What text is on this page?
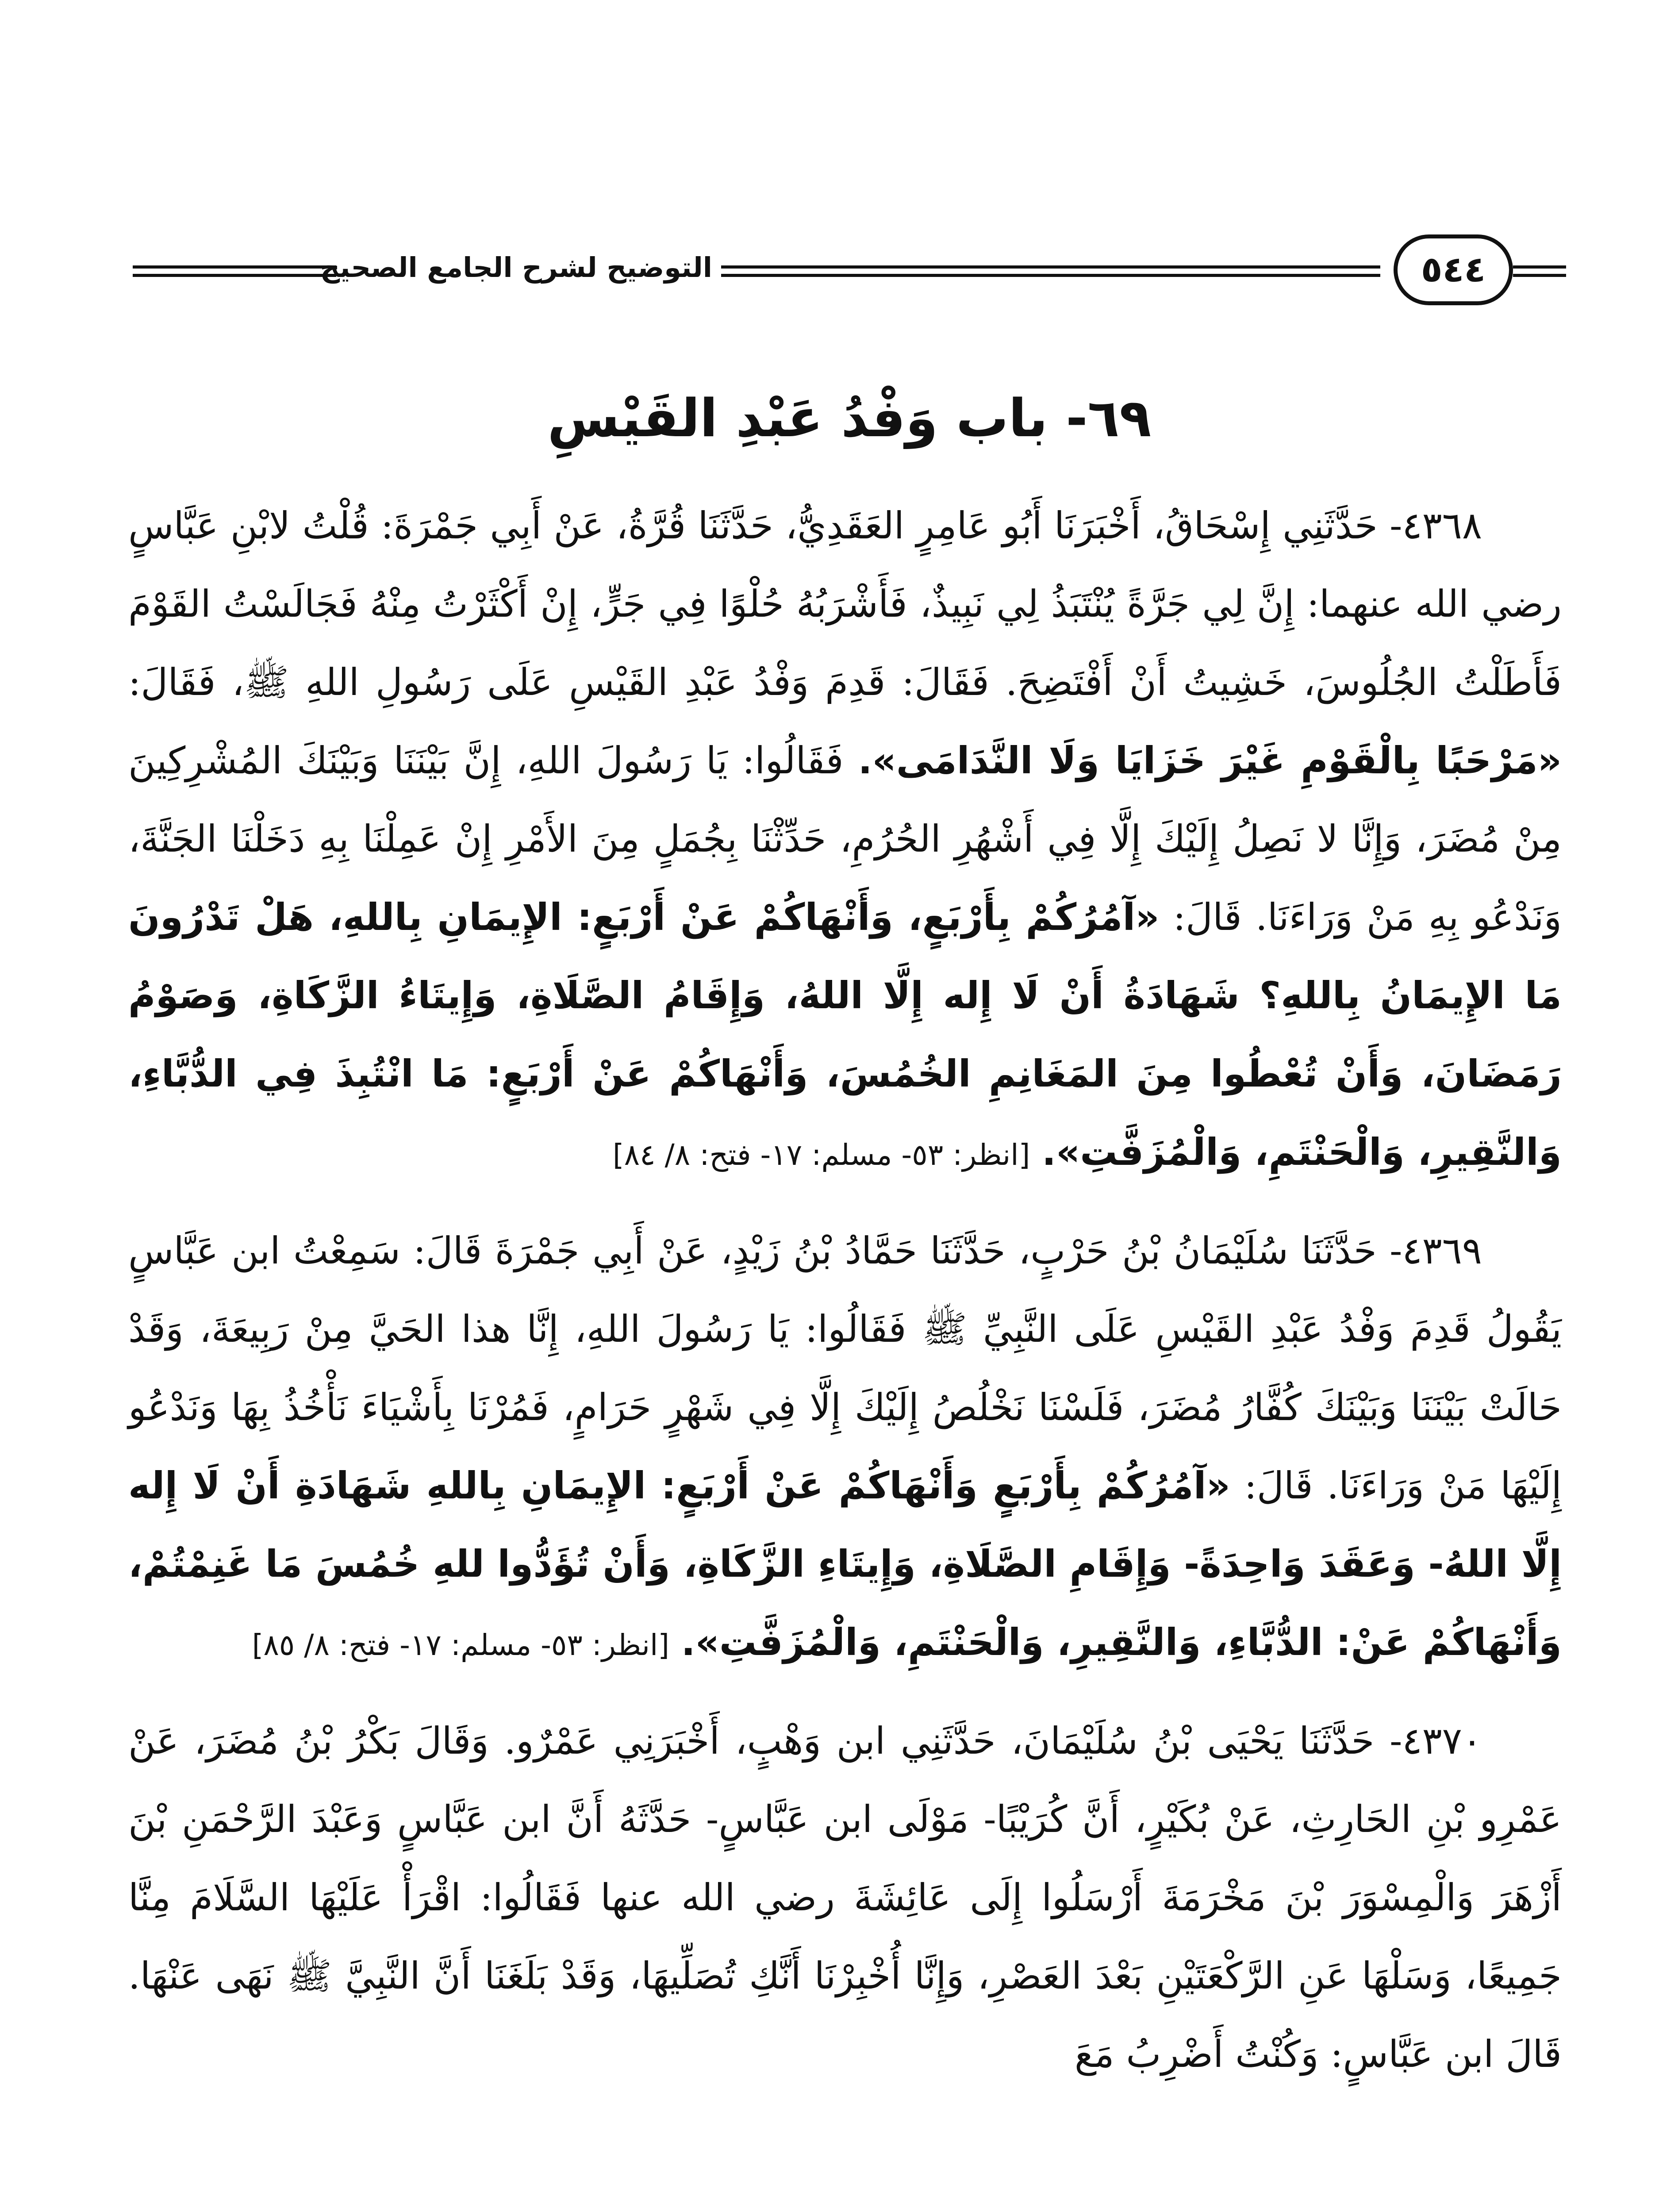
التوضيح لشرح الجامع الصحيح	٥٤٤
٦٩- باب وَفْدُ عَبْدِ القَيْسِ

٤٣٦٨- حَدَّثَنِي إِسْحَاقُ، أَخْبَرَنَا أَبُو عَامِرٍ العَقَدِيُّ، حَدَّثَنَا قُرَّةُ، عَنْ أَبِي جَمْرَةَ: قُلْتُ لابْنِ عَبَّاسٍ رضي الله عنهما: إِنَّ لِي جَرَّةً يُنْتَبَذُ لِي نَبِيذٌ، فَأَشْرَبُهُ حُلْوًا فِي جَرٍّ، إِنْ أَكْثَرْتُ مِنْهُ فَجَالَسْتُ القَوْمَ فَأَطَلْتُ الجُلُوسَ، خَشِيتُ أَنْ أَفْتَضِحَ. فَقَالَ: قَدِمَ وَفْدُ عَبْدِ القَيْسِ عَلَى رَسُولِ اللهِ ﷺ، فَقَالَ: «مَرْحَبًا بِالْقَوْمِ غَيْرَ خَزَايَا وَلَا النَّدَامَى». فَقَالُوا: يَا رَسُولَ اللهِ، إِنَّ بَيْنَنَا وَبَيْنَكَ المُشْرِكِينَ مِنْ مُضَرَ، وَإِنَّا لا نَصِلُ إِلَيْكَ إِلَّا فِي أَشْهُرِ الحُرُمِ، حَدِّثْنَا بِجُمَلٍ مِنَ الأَمْرِ إِنْ عَمِلْنَا بِهِ دَخَلْنَا الجَنَّةَ، وَنَدْعُو بِهِ مَنْ وَرَاءَنَا. قَالَ: «آمُرُكُمْ بِأَرْبَعٍ، وَأَنْهَاكُمْ عَنْ أَرْبَعٍ: الإِيمَانِ بِاللهِ، هَلْ تَدْرُونَ مَا الإِيمَانُ بِاللهِ؟ شَهَادَةُ أَنْ لَا إِله إِلَّا اللهُ، وَإِقَامُ الصَّلَاةِ، وَإِيتَاءُ الزَّكَاةِ، وَصَوْمُ رَمَضَانَ، وَأَنْ تُعْطُوا مِنَ المَغَانِمِ الخُمُسَ، وَأَنْهَاكُمْ عَنْ أَرْبَعٍ: مَا انْتُبِذَ فِي الدُّبَّاءِ، وَالنَّقِيرِ، وَالْحَنْتَمِ، وَالْمُزَفَّتِ». [انظر: ٥٣- مسلم: ١٧- فتح: ٨/ ٨٤]

٤٣٦٩- حَدَّثَنَا سُلَيْمَانُ بْنُ حَرْبٍ، حَدَّثَنَا حَمَّادُ بْنُ زَيْدٍ، عَنْ أَبِي جَمْرَةَ قَالَ: سَمِعْتُ ابن عَبَّاسٍ يَقُولُ قَدِمَ وَفْدُ عَبْدِ القَيْسِ عَلَى النَّبِيِّ ﷺ فَقَالُوا: يَا رَسُولَ اللهِ، إِنَّا هذا الحَيَّ مِنْ رَبِيعَةَ، وَقَدْ حَالَتْ بَيْنَنَا وَبَيْنَكَ كُفَّارُ مُضَرَ، فَلَسْنَا نَخْلُصُ إِلَيْكَ إِلَّا فِي شَهْرٍ حَرَامٍ، فَمُرْنَا بِأَشْيَاءَ نَأْخُذُ بِهَا وَنَدْعُو إِلَيْهَا مَنْ وَرَاءَنَا. قَالَ: «آمُرُكُمْ بِأَرْبَعٍ وَأَنْهَاكُمْ عَنْ أَرْبَعٍ: الإِيمَانِ بِاللهِ شَهَادَةِ أَنْ لَا إِله إِلَّا اللهُ- وَعَقَدَ وَاحِدَةً- وَإِقَامِ الصَّلَاةِ، وَإِيتَاءِ الزَّكَاةِ، وَأَنْ تُؤَدُّوا للهِ خُمُسَ مَا غَنِمْتُمْ، وَأَنْهَاكُمْ عَنْ: الدُّبَّاءِ، وَالنَّقِيرِ، وَالْحَنْتَمِ، وَالْمُزَفَّتِ». [انظر: ٥٣- مسلم: ١٧- فتح: ٨/ ٨٥]

٤٣٧٠- حَدَّثَنَا يَحْيَى بْنُ سُلَيْمَانَ، حَدَّثَنِي ابن وَهْبٍ، أَخْبَرَنِي عَمْرٌو. وَقَالَ بَكْرُ بْنُ مُضَرَ، عَنْ عَمْرِو بْنِ الحَارِثِ، عَنْ بُكَيْرٍ، أَنَّ كُرَيْبًا- مَوْلَى ابن عَبَّاسٍ- حَدَّثَهُ أَنَّ ابن عَبَّاسٍ وَعَبْدَ الرَّحْمَنِ بْنَ أَزْهَرَ وَالْمِسْوَرَ بْنَ مَخْرَمَةَ أَرْسَلُوا إِلَى عَائِشَةَ رضي الله عنها فَقَالُوا: اقْرَأْ عَلَيْهَا السَّلَامَ مِنَّا جَمِيعًا، وَسَلْهَا عَنِ الرَّكْعَتَيْنِ بَعْدَ العَصْرِ، وَإِنَّا أُخْبِرْنَا أَنَّكِ تُصَلِّيهَا، وَقَدْ بَلَغَنَا أَنَّ النَّبِيَّ ﷺ نَهَى عَنْهَا. قَالَ ابن عَبَّاسٍ: وَكُنْتُ أَضْرِبُ مَعَ
